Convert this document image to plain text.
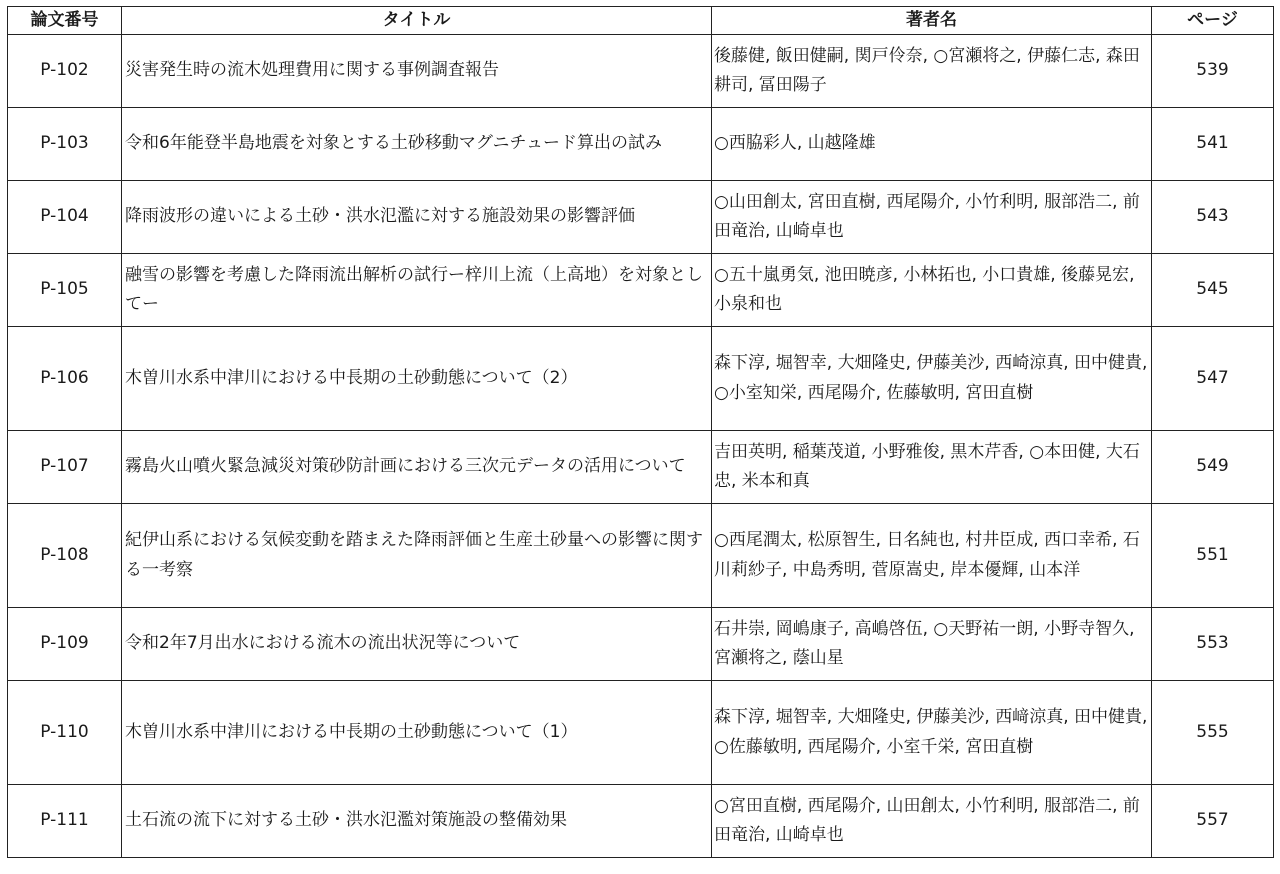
論文番号	タイトル	著者名	ページ
P-102	災害発生時の流木処理費用に関する事例調査報告	後藤健, 飯田健嗣, 関戸伶奈, ○宮瀬将之, 伊藤仁志, 森田耕司, 冨田陽子	539
P-103	令和6年能登半島地震を対象とする土砂移動マグニチュード算出の試み	○西脇彩人, 山越隆雄	541
P-104	降雨波形の違いによる土砂・洪水氾濫に対する施設効果の影響評価	○山田創太, 宮田直樹, 西尾陽介, 小竹利明, 服部浩二, 前田竜治, 山崎卓也	543
P-105	融雪の影響を考慮した降雨流出解析の試行ー梓川上流（上高地）を対象としてー	○五十嵐勇気, 池田暁彦, 小林拓也, 小口貴雄, 後藤晃宏, 小泉和也	545
P-106	木曽川水系中津川における中長期の土砂動態について（2）	森下淳, 堀智幸, 大畑隆史, 伊藤美沙, 西崎涼真, 田中健貴, ○小室知栄, 西尾陽介, 佐藤敏明, 宮田直樹	547
P-107	霧島火山噴火緊急減災対策砂防計画における三次元データの活用について	吉田英明, 稲葉茂道, 小野雅俊, 黒木芹香, ○本田健, 大石忠, 米本和真	549
P-108	紀伊山系における気候変動を踏まえた降雨評価と生産土砂量への影響に関する一考察	○西尾潤太, 松原智生, 日名純也, 村井臣成, 西口幸希, 石川莉紗子, 中島秀明, 菅原嵩史, 岸本優輝, 山本洋	551
P-109	令和2年7月出水における流木の流出状況等について	石井崇, 岡嶋康子, 高嶋啓伍, ○天野祐一朗, 小野寺智久, 宮瀬将之, 蔭山星	553
P-110	木曽川水系中津川における中長期の土砂動態について（1）	森下淳, 堀智幸, 大畑隆史, 伊藤美沙, 西﨑涼真, 田中健貴, ○佐藤敏明, 西尾陽介, 小室千栄, 宮田直樹	555
P-111	土石流の流下に対する土砂・洪水氾濫対策施設の整備効果	○宮田直樹, 西尾陽介, 山田創太, 小竹利明, 服部浩二, 前田竜治, 山崎卓也	557
